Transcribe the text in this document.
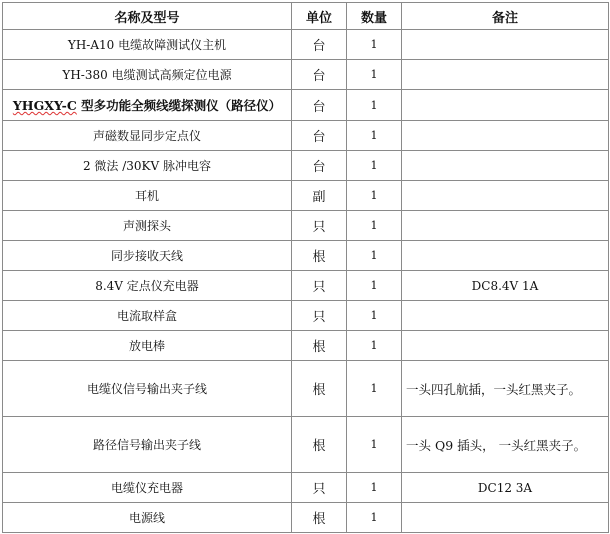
名称及型号	单位	数量	备注
YH-A10 电缆故障测试仪主机	台	1	
YH-380 电缆测试高频定位电源	台	1	
YHGXY-C 型多功能全频线缆探测仪（路径仪）	台	1	
声磁数显同步定点仪	台	1	
2 微法 /30KV 脉冲电容	台	1	
耳机	副	1	
声测探头	只	1	
同步接收天线	根	1	
8.4V 定点仪充电器	只	1	DC8.4V 1A
电流取样盒	只	1	
放电棒	根	1	
电缆仪信号输出夹子线	根	1	一头四孔航插，一头红黑夹子。
路径信号输出夹子线	根	1	一头 Q9 插头， 一头红黑夹子。
电缆仪充电器	只	1	DC12 3A
电源线	根	1	
